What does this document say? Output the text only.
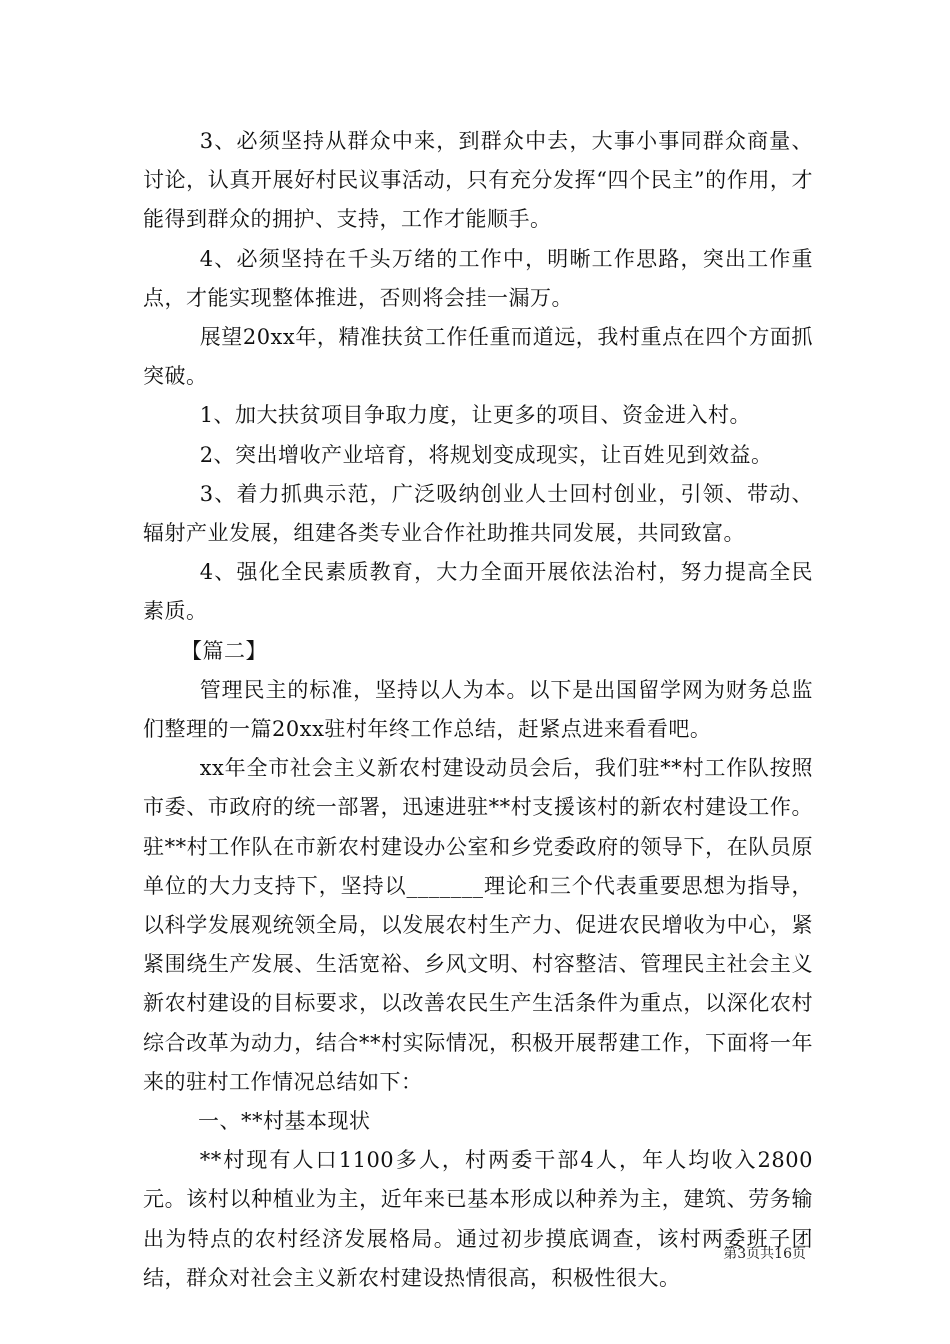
3、必须坚持从群众中来，到群众中去，大事小事同群众商量、讨论，认真开展好村民议事活动，只有充分发挥“四个民主”的作用，才能得到群众的拥护、支持，工作才能顺手。

4、必须坚持在千头万绪的工作中，明晰工作思路，突出工作重点，才能实现整体推进，否则将会挂一漏万。

展望20xx年，精准扶贫工作任重而道远，我村重点在四个方面抓突破。

1、加大扶贫项目争取力度，让更多的项目、资金进入村。

2、突出增收产业培育，将规划变成现实，让百姓见到效益。

3、着力抓典示范，广泛吸纳创业人士回村创业，引领、带动、辐射产业发展，组建各类专业合作社助推共同发展，共同致富。

4、强化全民素质教育，大力全面开展依法治村，努力提高全民素质。

【篇二】

管理民主的标准，坚持以人为本。以下是出国留学网为财务总监们整理的一篇20xx驻村年终工作总结，赶紧点进来看看吧。

xx年全市社会主义新农村建设动员会后，我们驻**村工作队按照市委、市政府的统一部署，迅速进驻**村支援该村的新农村建设工作。驻**村工作队在市新农村建设办公室和乡党委政府的领导下，在队员原单位的大力支持下，坚持以_______理论和三个代表重要思想为指导，以科学发展观统领全局，以发展农村生产力、促进农民增收为中心，紧紧围绕生产发展、生活宽裕、乡风文明、村容整洁、管理民主社会主义新农村建设的目标要求，以改善农民生产生活条件为重点，以深化农村综合改革为动力，结合**村实际情况，积极开展帮建工作，下面将一年来的驻村工作情况总结如下：

一、**村基本现状

**村现有人口1100多人，村两委干部4人，年人均收入2800元。该村以种植业为主，近年来已基本形成以种养为主，建筑、劳务输出为特点的农村经济发展格局。通过初步摸底调查，该村两委班子团结，群众对社会主义新农村建设热情很高，积极性很大。

第3页共16页
